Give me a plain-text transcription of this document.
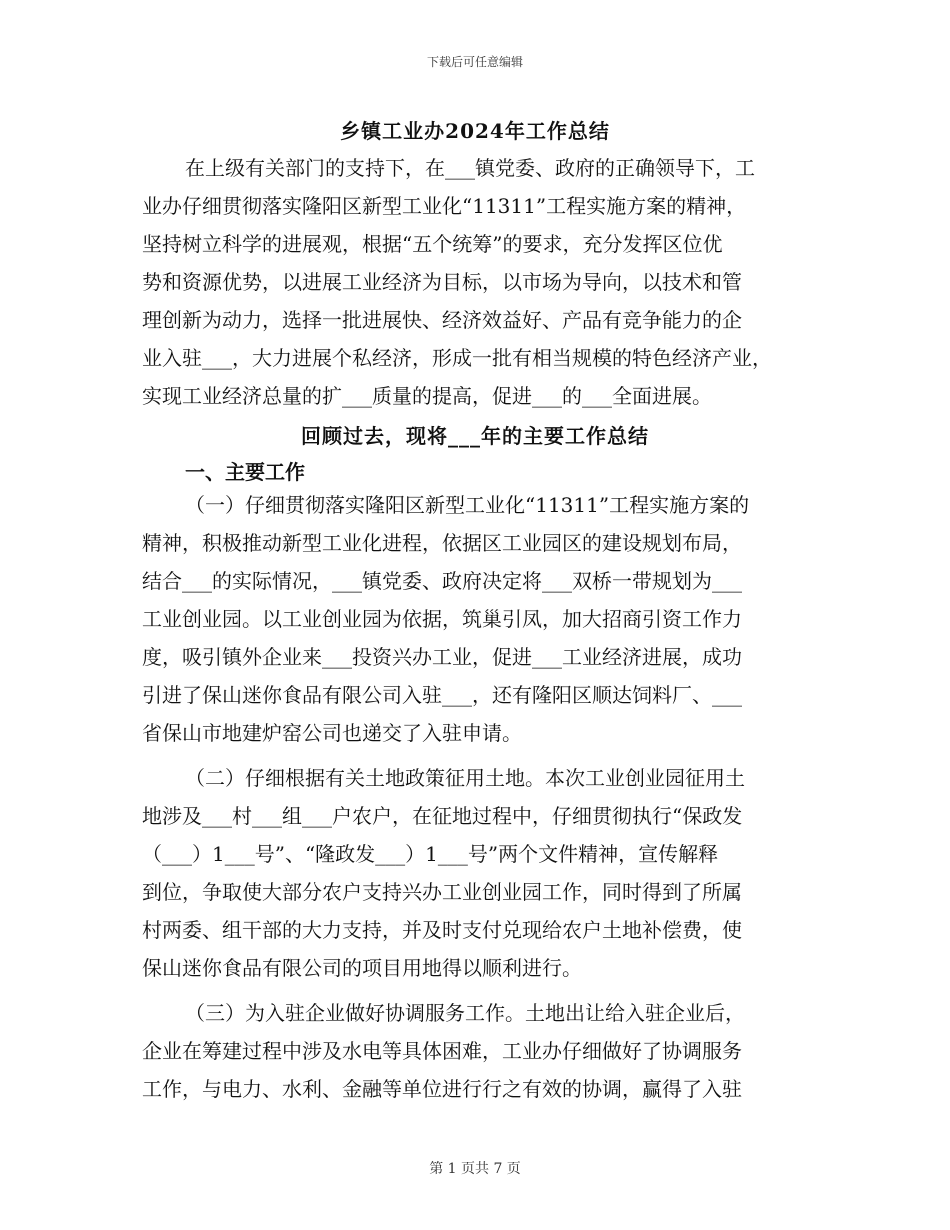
下载后可任意编辑
乡镇工业办2024年工作总结
在上级有关部门的支持下，在___镇党委、政府的正确领导下，工
业办仔细贯彻落实隆阳区新型工业化“11311”工程实施方案的精神，
坚持树立科学的进展观，根据“五个统筹”的要求，充分发挥区位优
势和资源优势，以进展工业经济为目标，以市场为导向，以技术和管
理创新为动力，选择一批进展快、经济效益好、产品有竞争能力的企
业入驻___，大力进展个私经济，形成一批有相当规模的特色经济产业，
实现工业经济总量的扩___质量的提高，促进___的___全面进展。
回顾过去，现将___年的主要工作总结
一、主要工作
（一）仔细贯彻落实隆阳区新型工业化“11311”工程实施方案的
精神，积极推动新型工业化进程，依据区工业园区的建设规划布局，
结合___的实际情况，___镇党委、政府决定将___双桥一带规划为___
工业创业园。以工业创业园为依据，筑巢引凤，加大招商引资工作力
度，吸引镇外企业来___投资兴办工业，促进___工业经济进展，成功
引进了保山迷你食品有限公司入驻___，还有隆阳区顺达饲料厂、___
省保山市地建炉窑公司也递交了入驻申请。
（二）仔细根据有关土地政策征用土地。本次工业创业园征用土
地涉及___村___组___户农户，在征地过程中，仔细贯彻执行“保政发
（___）1___号”、“隆政发___）1___号”两个文件精神，宣传解释
到位，争取使大部分农户支持兴办工业创业园工作，同时得到了所属
村两委、组干部的大力支持，并及时支付兑现给农户土地补偿费，使
保山迷你食品有限公司的项目用地得以顺利进行。
（三）为入驻企业做好协调服务工作。土地出让给入驻企业后，
企业在筹建过程中涉及水电等具体困难，工业办仔细做好了协调服务
工作，与电力、水利、金融等单位进行行之有效的协调，赢得了入驻
第 1 页共 7 页
